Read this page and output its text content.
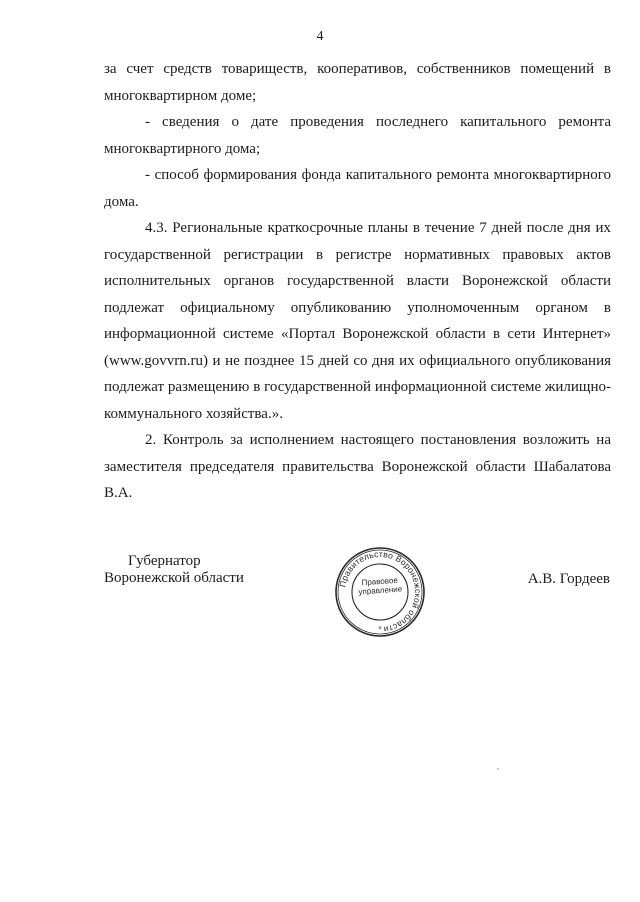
4

за счет средств товариществ, кооперативов, собственников помещений в многоквартирном доме;

- сведения о дате проведения последнего капитального ремонта многоквартирного дома;

- способ формирования фонда капитального ремонта многоквартирного дома.

4.3. Региональные краткосрочные планы в течение 7 дней после дня их государственной регистрации в регистре нормативных правовых актов исполнительных органов государственной власти Воронежской области подлежат официальному опубликованию уполномоченным органом в информационной системе «Портал Воронежской области в сети Интернет» (www.govvrn.ru) и не позднее 15 дней со дня их официального опубликования подлежат размещению в государственной информационной системе жилищно-коммунального хозяйства.».

2. Контроль за исполнением настоящего постановления возложить на заместителя председателя правительства Воронежской области Шабалатова В.А.

Губернатор
Воронежской области	Правительство Воронежской области
*
Правовое
управление
А.В. Гордеев
